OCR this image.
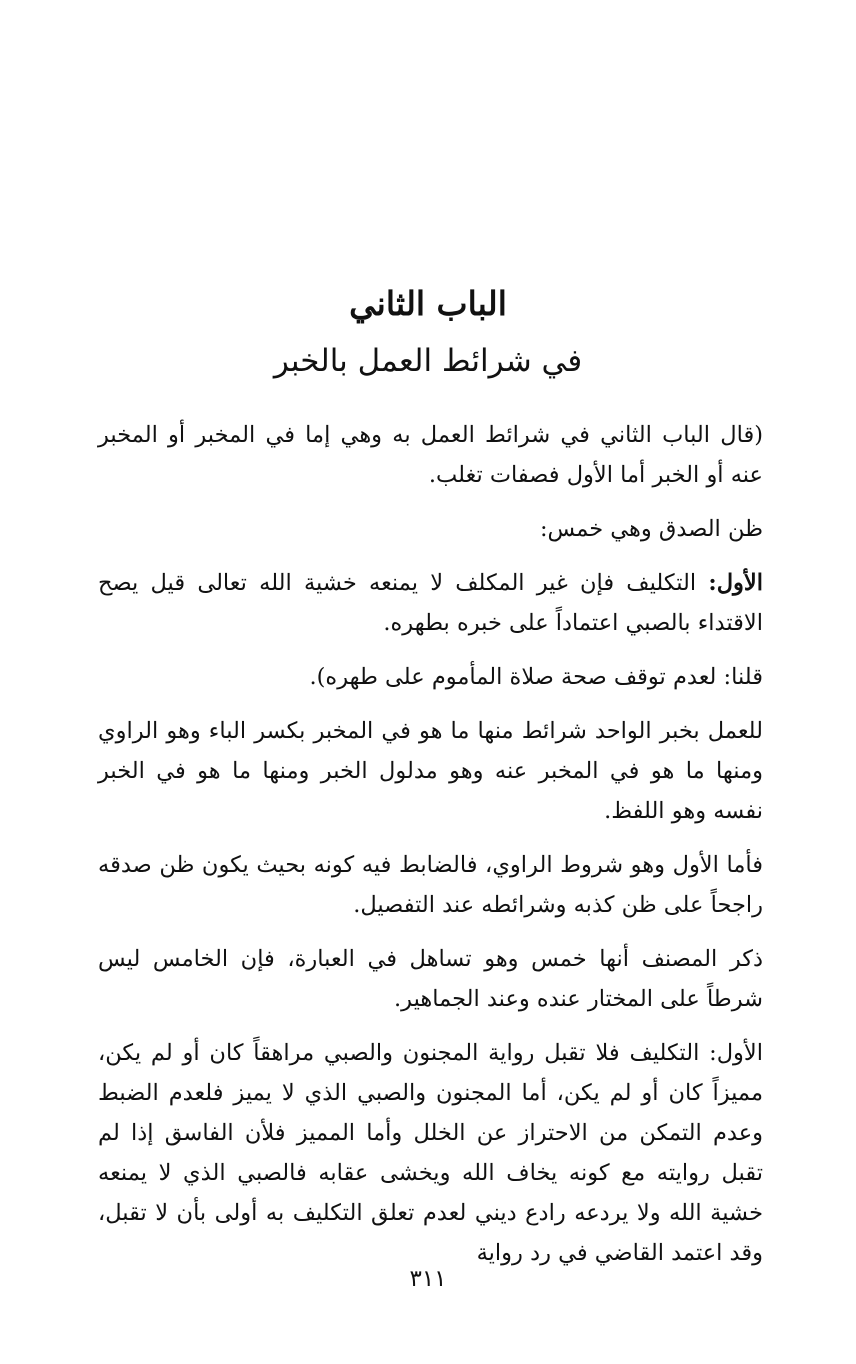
الباب الثاني
في شرائط العمل بالخبر

(قال الباب الثاني في شرائط العمل به وهي إما في المخبر أو المخبر عنه أو الخبر أما الأول فصفات تغلب.

ظن الصدق وهي خمس:

الأول: التكليف فإن غير المكلف لا يمنعه خشية الله تعالى قيل يصح الاقتداء بالصبي اعتماداً على خبره بطهره.

قلنا: لعدم توقف صحة صلاة المأموم على طهره).

للعمل بخبر الواحد شرائط منها ما هو في المخبر بكسر الباء وهو الراوي ومنها ما هو في المخبر عنه وهو مدلول الخبر ومنها ما هو في الخبر نفسه وهو اللفظ.

فأما الأول وهو شروط الراوي، فالضابط فيه كونه بحيث يكون ظن صدقه راجحاً على ظن كذبه وشرائطه عند التفصيل.

ذكر المصنف أنها خمس وهو تساهل في العبارة، فإن الخامس ليس شرطاً على المختار عنده وعند الجماهير.

الأول: التكليف فلا تقبل رواية المجنون والصبي مراهقاً كان أو لم يكن، مميزاً كان أو لم يكن، أما المجنون والصبي الذي لا يميز فلعدم الضبط وعدم التمكن من الاحتراز عن الخلل وأما المميز فلأن الفاسق إذا لم تقبل روايته مع كونه يخاف الله ويخشى عقابه فالصبي الذي لا يمنعه خشية الله ولا يردعه رادع ديني لعدم تعلق التكليف به أولى بأن لا تقبل، وقد اعتمد القاضي في رد رواية

٣١١
